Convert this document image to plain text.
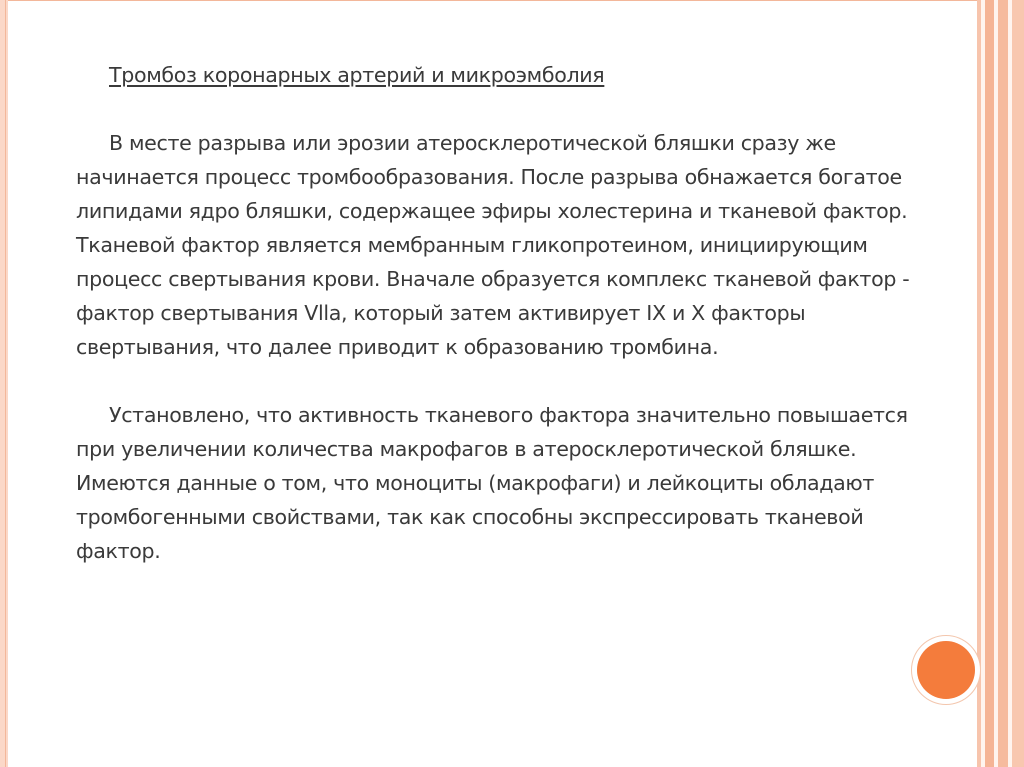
Тромбоз коронарных артерий и микроэмболия

В месте разрыва или эрозии атеросклеротической бляшки сразу же начинается процесс тромбообразования. После разрыва обнажается богатое липидами ядро бляшки, содержащее эфиры холестерина и тканевой фактор. Тканевой фактор является мембранным гликопротеином, инициирующим процесс свертывания крови. Вначале образуется комплекс тканевой фактор - фактор свертывания Vlla, который затем активирует IX и X факторы свертывания, что далее приводит к образованию тромбина.

Установлено, что активность тканевого фактора значительно повышается при увеличении количества макрофагов в атеросклеротической бляшке. Имеются данные о том, что моноциты (макрофаги) и лейкоциты обладают тромбогенными свойствами, так как способны экспрессировать тканевой фактор.
